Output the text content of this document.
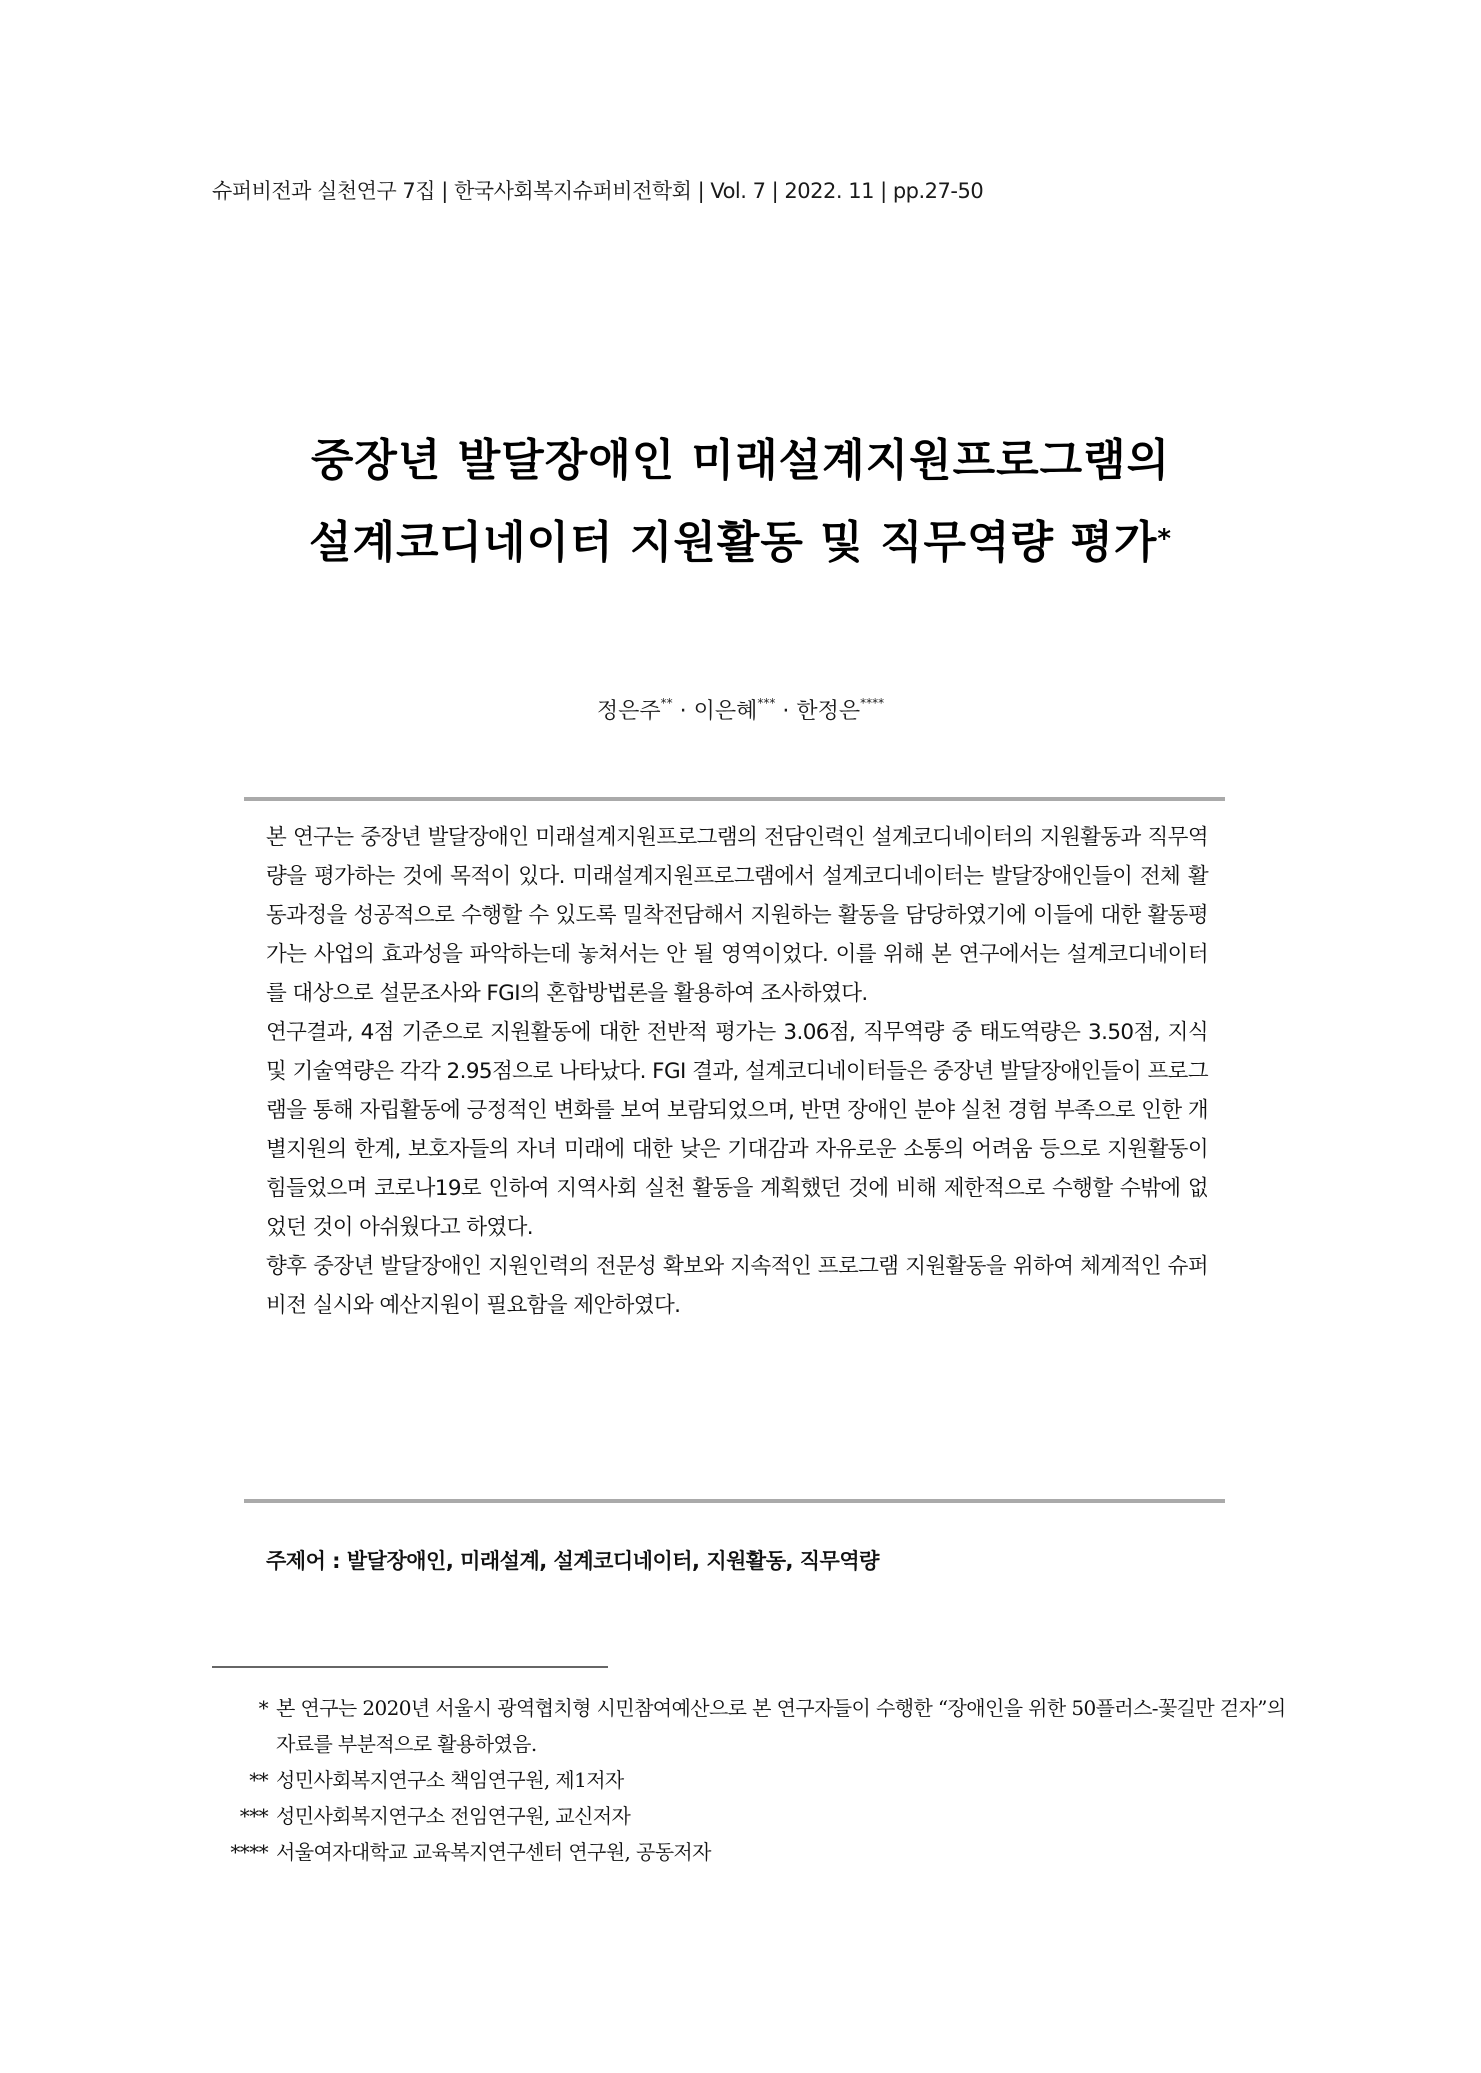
슈퍼비전과 실천연구 7집 | 한국사회복지슈퍼비전학회 | Vol. 7 | 2022. 11 | pp.27-50
중장년 발달장애인 미래설계지원프로그램의
설계코디네이터 지원활동 및 직무역량 평가*
정은주** · 이은혜*** · 한정은****

본 연구는 중장년 발달장애인 미래설계지원프로그램의 전담인력인 설계코디네이터의 지원활동과 직무역량을 평가하는 것에 목적이 있다. 미래설계지원프로그램에서 설계코디네이터는 발달장애인들이 전체 활동과정을 성공적으로 수행할 수 있도록 밀착전담해서 지원하는 활동을 담당하였기에 이들에 대한 활동평가는 사업의 효과성을 파악하는데 놓쳐서는 안 될 영역이었다. 이를 위해 본 연구에서는 설계코디네이터를 대상으로 설문조사와 FGI의 혼합방법론을 활용하여 조사하였다.

연구결과, 4점 기준으로 지원활동에 대한 전반적 평가는 3.06점, 직무역량 중 태도역량은 3.50점, 지식 및 기술역량은 각각 2.95점으로 나타났다. FGI 결과, 설계코디네이터들은 중장년 발달장애인들이 프로그램을 통해 자립활동에 긍정적인 변화를 보여 보람되었으며, 반면 장애인 분야 실천 경험 부족으로 인한 개별지원의 한계, 보호자들의 자녀 미래에 대한 낮은 기대감과 자유로운 소통의 어려움 등으로 지원활동이 힘들었으며 코로나19로 인하여 지역사회 실천 활동을 계획했던 것에 비해 제한적으로 수행할 수밖에 없었던 것이 아쉬웠다고 하였다.

향후 중장년 발달장애인 지원인력의 전문성 확보와 지속적인 프로그램 지원활동을 위하여 체계적인 슈퍼비전 실시와 예산지원이 필요함을 제안하였다.

주제어 : 발달장애인, 미래설계, 설계코디네이터, 지원활동, 직무역량
* 본 연구는 2020년 서울시 광역협치형 시민참여예산으로 본 연구자들이 수행한 “장애인을 위한 50플러스-꽃길만 걷자”의 자료를 부분적으로 활용하였음.
** 성민사회복지연구소 책임연구원, 제1저자
*** 성민사회복지연구소 전임연구원, 교신저자
**** 서울여자대학교 교육복지연구센터 연구원, 공동저자
